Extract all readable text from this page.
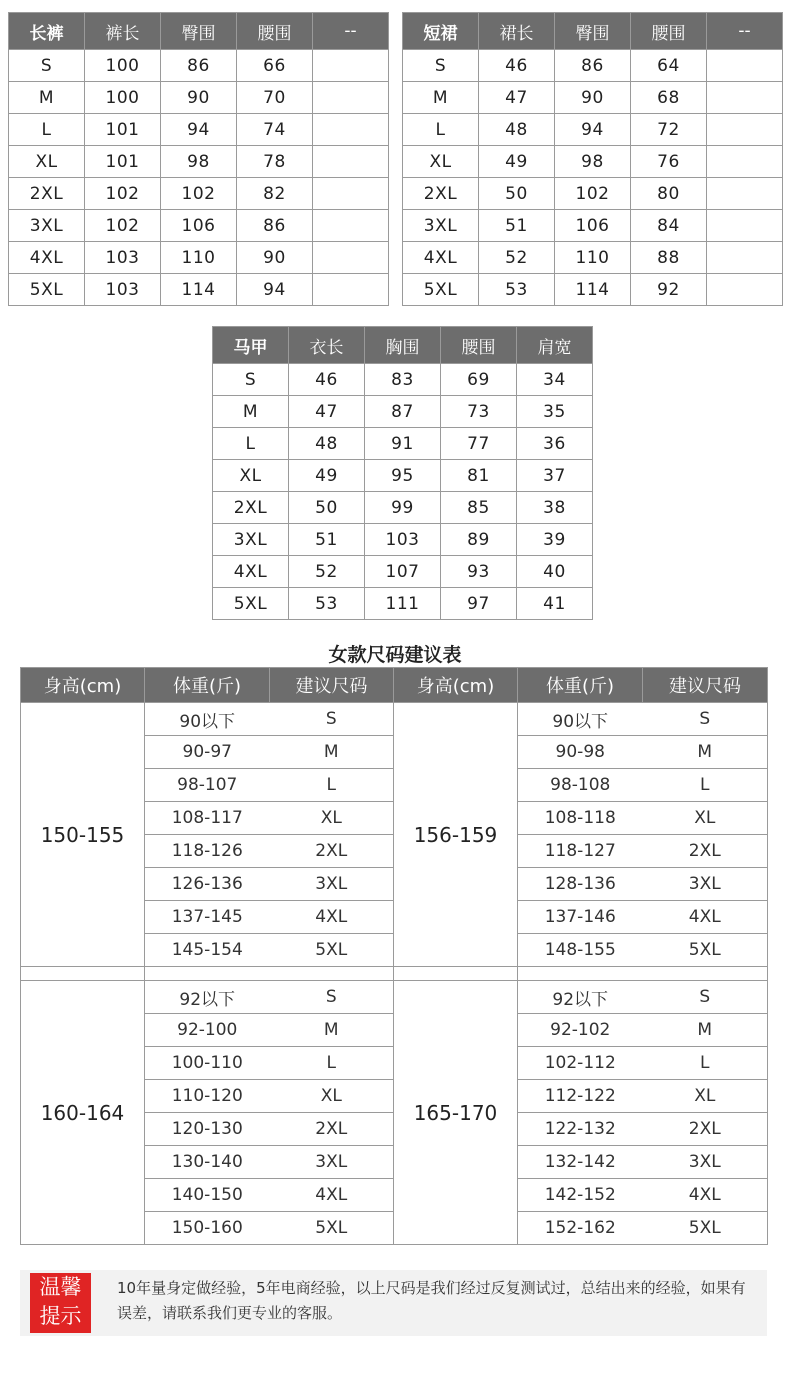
长裤	裤长	臀围	腰围	--
S	100	86	66	
M	100	90	70	
L	101	94	74	
XL	101	98	78	
2XL	102	102	82	
3XL	102	106	86	
4XL	103	110	90	
5XL	103	114	94	
短裙	裙长	臀围	腰围	--
S	46	86	64	
M	47	90	68	
L	48	94	72	
XL	49	98	76	
2XL	50	102	80	
3XL	51	106	84	
4XL	52	110	88	
5XL	53	114	92	
马甲	衣长	胸围	腰围	肩宽
S	46	83	69	34
M	47	87	73	35
L	48	91	77	36
XL	49	95	81	37
2XL	50	99	85	38
3XL	51	103	89	39
4XL	52	107	93	40
5XL	53	111	97	41
女款尺码建议表
身高(cm)	体重(斤)	建议尺码	身高(cm)	体重(斤)	建议尺码
150-155	90以下	S	156-159	90以下	S
	90-97	M		90-98	M
	98-107	L		98-108	L
	108-117	XL		108-118	XL
	118-126	2XL		118-127	2XL
	126-136	3XL		128-136	3XL
	137-145	4XL		137-146	4XL
	145-154	5XL		148-155	5XL

160-164	92以下	S	165-170	92以下	S
	92-100	M		92-102	M
	100-110	L		102-112	L
	110-120	XL		112-122	XL
	120-130	2XL		122-132	2XL
	130-140	3XL		132-142	3XL
	140-150	4XL		142-152	4XL
	150-160	5XL		152-162	5XL
温馨
提示
10年量身定做经验，5年电商经验，以上尺码是我们经过反复测试过，总结出来的经验，如果有误差，请联系我们更专业的客服。
